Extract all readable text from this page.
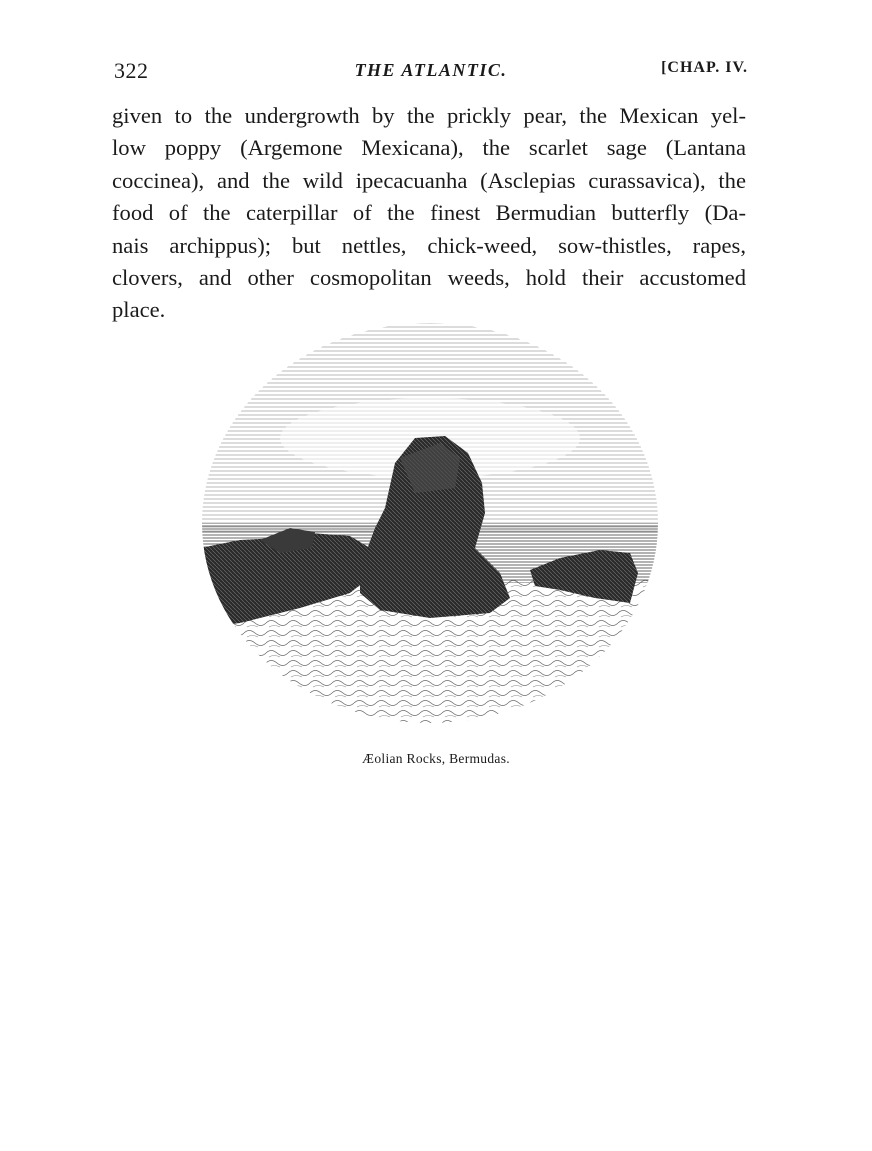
322	THE ATLANTIC.	[CHAP. IV.
given to the undergrowth by the prickly pear, the Mexican yel-
low poppy (Argemone Mexicana), the scarlet sage (Lantana
coccinea), and the wild ipecacuanha (Asclepias curassavica), the
food of the caterpillar of the finest Bermudian butterfly (Da-
nais archippus); but nettles, chick-weed, sow-thistles, rapes,
clovers, and other cosmopolitan weeds, hold their accustomed
place.
Æolian Rocks, Bermudas.
